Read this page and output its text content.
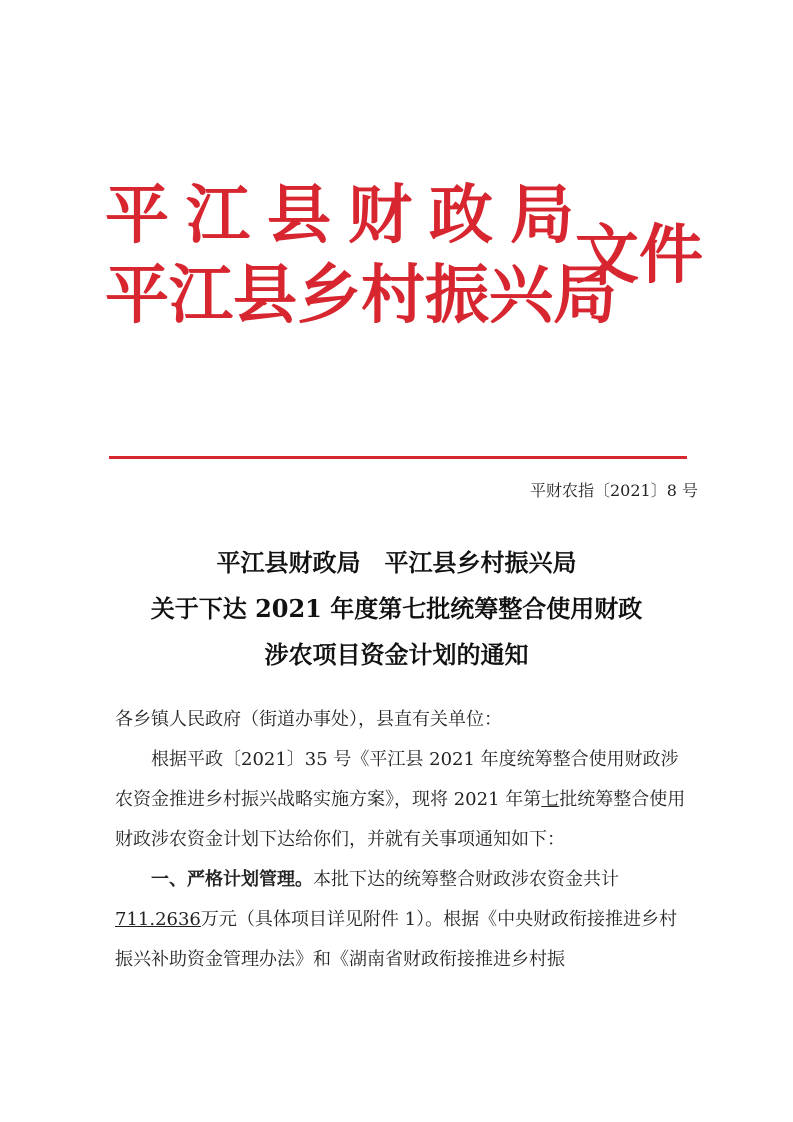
平江县财政局
平江县乡村振兴局
文件
平财农指〔2021〕8 号
平江县财政局　平江县乡村振兴局
关于下达 2021 年度第七批统筹整合使用财政
涉农项目资金计划的通知

各乡镇人民政府（街道办事处），县直有关单位：

根据平政〔2021〕35 号《平江县 2021 年度统筹整合使用财政涉农资金推进乡村振兴战略实施方案》，现将 2021 年第七批统筹整合使用财政涉农资金计划下达给你们，并就有关事项通知如下：

一、严格计划管理。本批下达的统筹整合财政涉农资金共计711.2636万元（具体项目详见附件 1）。根据《中央财政衔接推进乡村振兴补助资金管理办法》和《湖南省财政衔接推进乡村振
